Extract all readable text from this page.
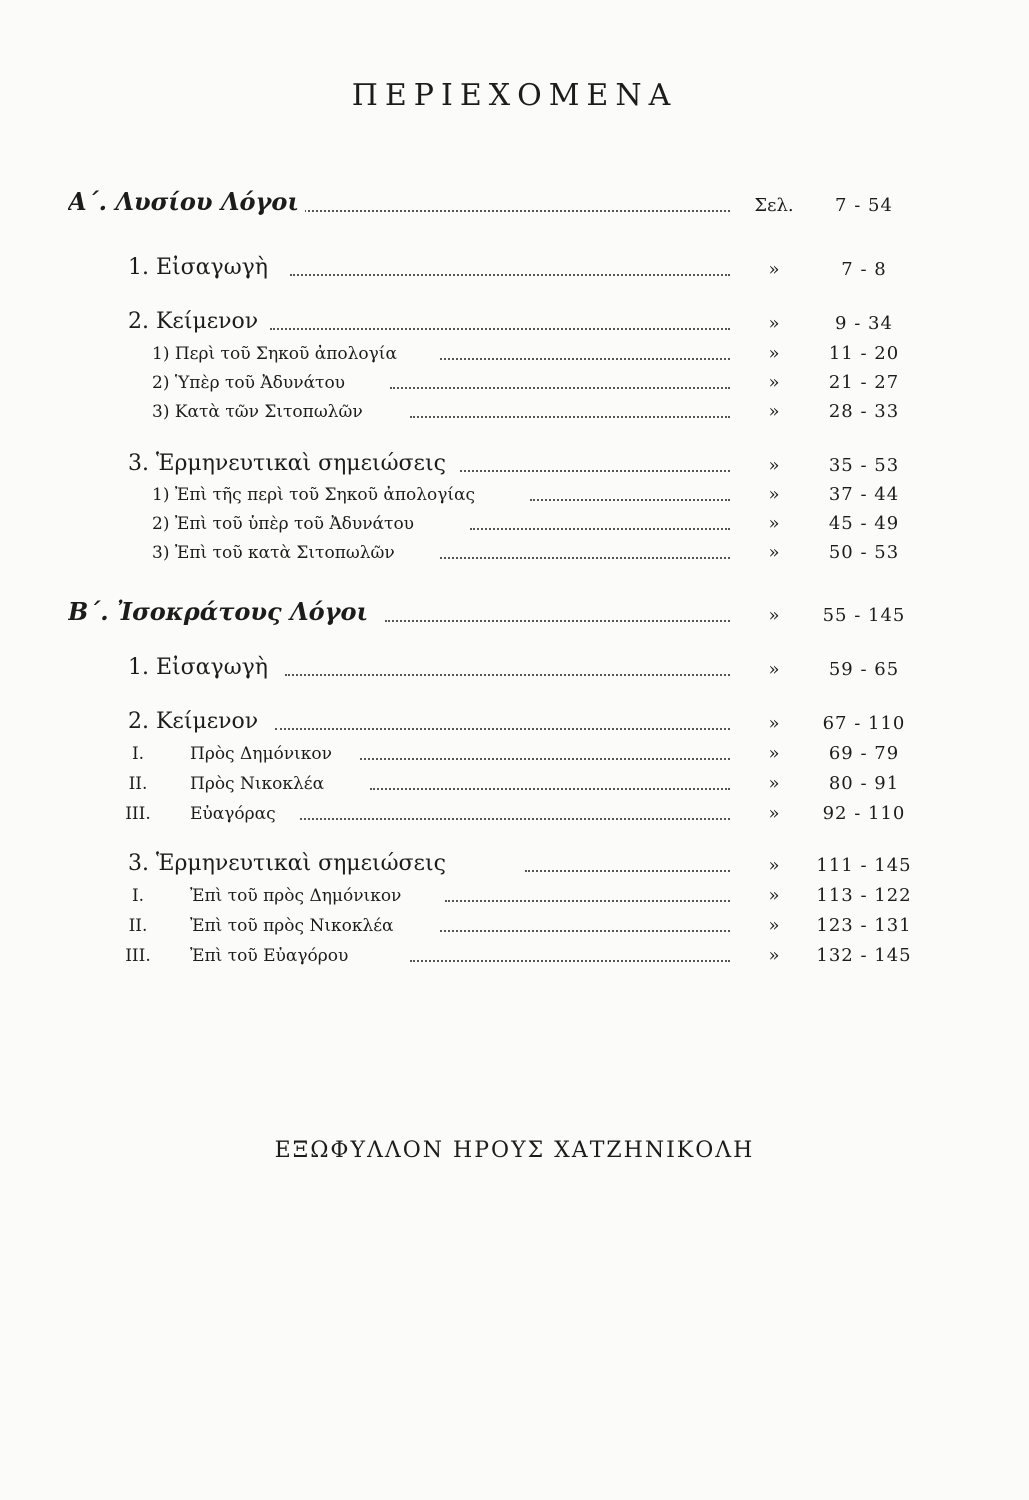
ΠΕΡΙΕΧΟΜΕΝΑ
Α΄. Λυσίου Λόγοι	Σελ.	7 - 54
1. Εἰσαγωγὴ	»	7 - 8
2. Κείμενον	»	9 - 34
1) Περὶ τοῦ Σηκοῦ ἀπολογία	»	11 - 20
2) Ὑπὲρ τοῦ Ἀδυνάτου	»	21 - 27
3) Κατὰ τῶν Σιτοπωλῶν	»	28 - 33
3. Ἑρμηνευτικαὶ σημειώσεις	»	35 - 53
1) Ἐπὶ τῆς περὶ τοῦ Σηκοῦ ἀπολογίας	»	37 - 44
2) Ἐπὶ τοῦ ὑπὲρ τοῦ Ἀδυνάτου	»	45 - 49
3) Ἐπὶ τοῦ κατὰ Σιτοπωλῶν	»	50 - 53
Β΄. Ἰσοκράτους Λόγοι	»	55 - 145
1. Εἰσαγωγὴ	»	59 - 65
2. Κείμενον	»	67 - 110
I.	Πρὸς Δημόνικον	»	69 - 79
II.	Πρὸς Νικοκλέα	»	80 - 91
III.	Εὐαγόρας	»	92 - 110
3. Ἑρμηνευτικαὶ σημειώσεις	»	111 - 145
I.	Ἐπὶ τοῦ πρὸς Δημόνικον	»	113 - 122
II.	Ἐπὶ τοῦ πρὸς Νικοκλέα	»	123 - 131
III.	Ἐπὶ τοῦ Εὐαγόρου	»	132 - 145
ΕΞΩΦΥΛΛΟΝ ΗΡΟΥΣ ΧΑΤΖΗΝΙΚΟΛΗ
